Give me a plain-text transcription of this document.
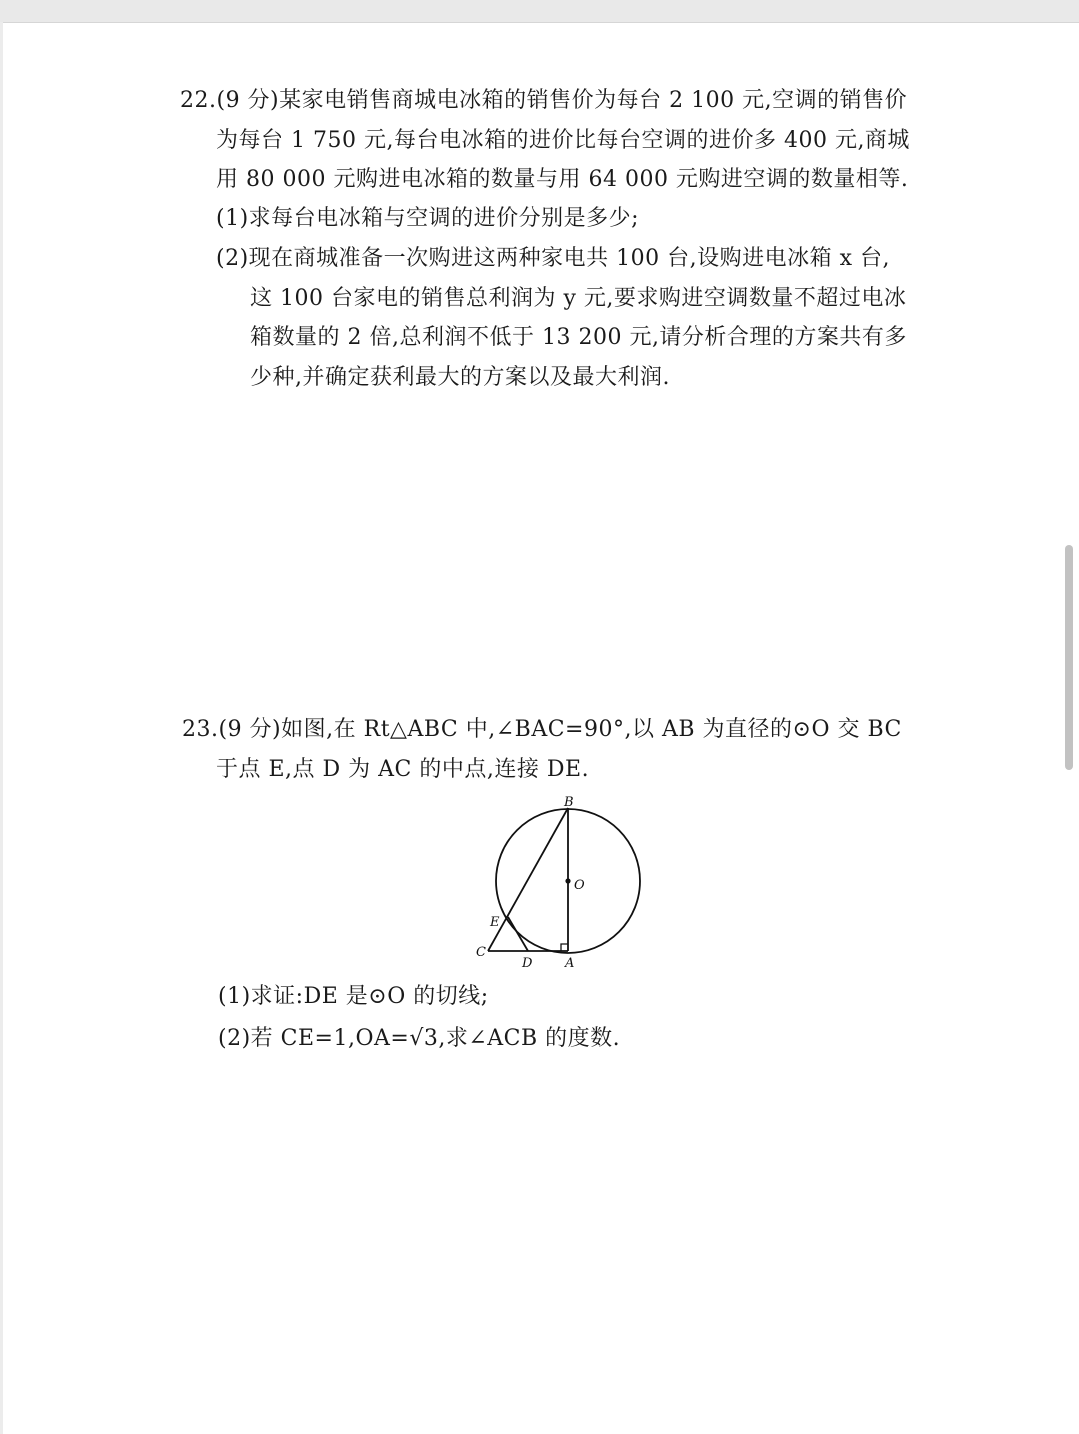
22.(9 分)某家电销售商城电冰箱的销售价为每台 2 100 元,空调的销售价
为每台 1 750 元,每台电冰箱的进价比每台空调的进价多 400 元,商城
用 80 000 元购进电冰箱的数量与用 64 000 元购进空调的数量相等.
(1)求每台电冰箱与空调的进价分别是多少;
(2)现在商城准备一次购进这两种家电共 100 台,设购进电冰箱 x 台,
这 100 台家电的销售总利润为 y 元,要求购进空调数量不超过电冰
箱数量的 2 倍,总利润不低于 13 200 元,请分析合理的方案共有多
少种,并确定获利最大的方案以及最大利润.
23.(9 分)如图,在 Rt△ABC 中,∠BAC=90°,以 AB 为直径的⊙O 交 BC
于点 E,点 D 为 AC 的中点,连接 DE.
B
O
E
C
D	A
(1)求证:DE 是⊙O 的切线;
(2)若 CE=1,OA=√3,求∠ACB 的度数.
